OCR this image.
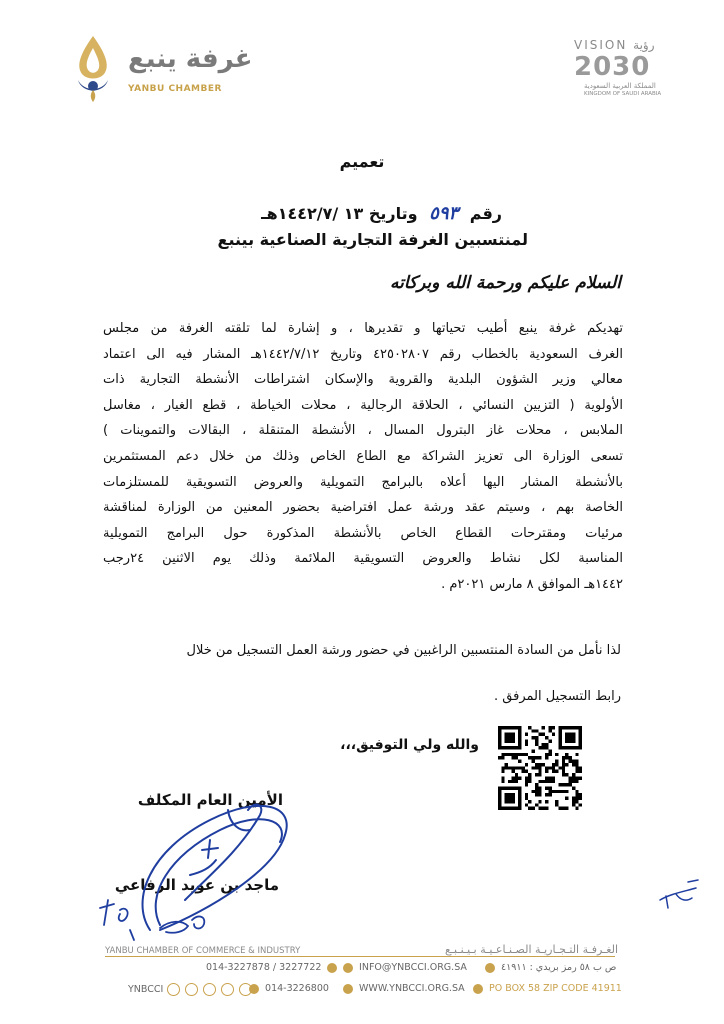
غرفة ينبع
YANBU CHAMBER
VISION رؤية
2030
المملكة العربية السعودية
KINGDOM OF SAUDI ARABIA
تعميم
رقم ٥٩٣ وتاريخ ١٣ /١٤٤٢/٧هـ
لمنتسبين الغرفة التجارية الصناعية بينبع
السلام عليكم ورحمة الله وبركاته
تهديكم غرفة ينبع أطيب تحياتها و تقديرها ، و إشارة لما تلقته الغرفة من مجلس
الغرف السعودية بالخطاب رقم ٤٢٥٠٢٨٠٧ وتاريخ ١٤٤٢/٧/١٢هـ المشار فيه الى اعتماد
معالي وزير الشؤون البلدية والقروية والإسكان اشتراطات الأنشطة التجارية ذات
الأولوية ( التزيين النسائي ، الحلاقة الرجالية ، محلات الخياطة ، قطع الغيار ، مغاسل
الملابس ، محلات غاز البترول المسال ، الأنشطة المتنقلة ، البقالات والتموينات )
تسعى الوزارة الى تعزيز الشراكة مع الطاع الخاص وذلك من خلال دعم المستثمرين
بالأنشطة المشار اليها أعلاه بالبرامج التمويلية والعروض التسويقية للمستلزمات
الخاصة بهم ، وسيتم عقد ورشة عمل افتراضية بحضور المعنين من الوزارة لمناقشة
مرئيات ومقترحات القطاع الخاص بالأنشطة المذكورة حول البرامج التمويلية
المناسبة لكل نشاط والعروض التسويقية الملائمة وذلك يوم الاثنين ٢٤رجب
١٤٤٢هـ الموافق ٨ مارس ٢٠٢١م .
لذا نأمل من السادة المنتسبين الراغبين في حضور ورشة العمل التسجيل من خلال
رابط التسجيل المرفق .
والله ولي التوفيق،،،
الأمين العام المكلف
ماجد بن عويد الرفاعي
YANBU CHAMBER OF COMMERCE & INDUSTRY	الغـرفـة التـجـاريـة الصـنـاعـيـة بـيـنـبـع
014-3227878 / 3227722	INFO@YNBCCI.ORG.SA	ص ب ٥٨ رمز بريدي : ٤١٩١١
YNBCCI	014-3226800	WWW.YNBCCI.ORG.SA	PO BOX 58 ZIP CODE 41911
